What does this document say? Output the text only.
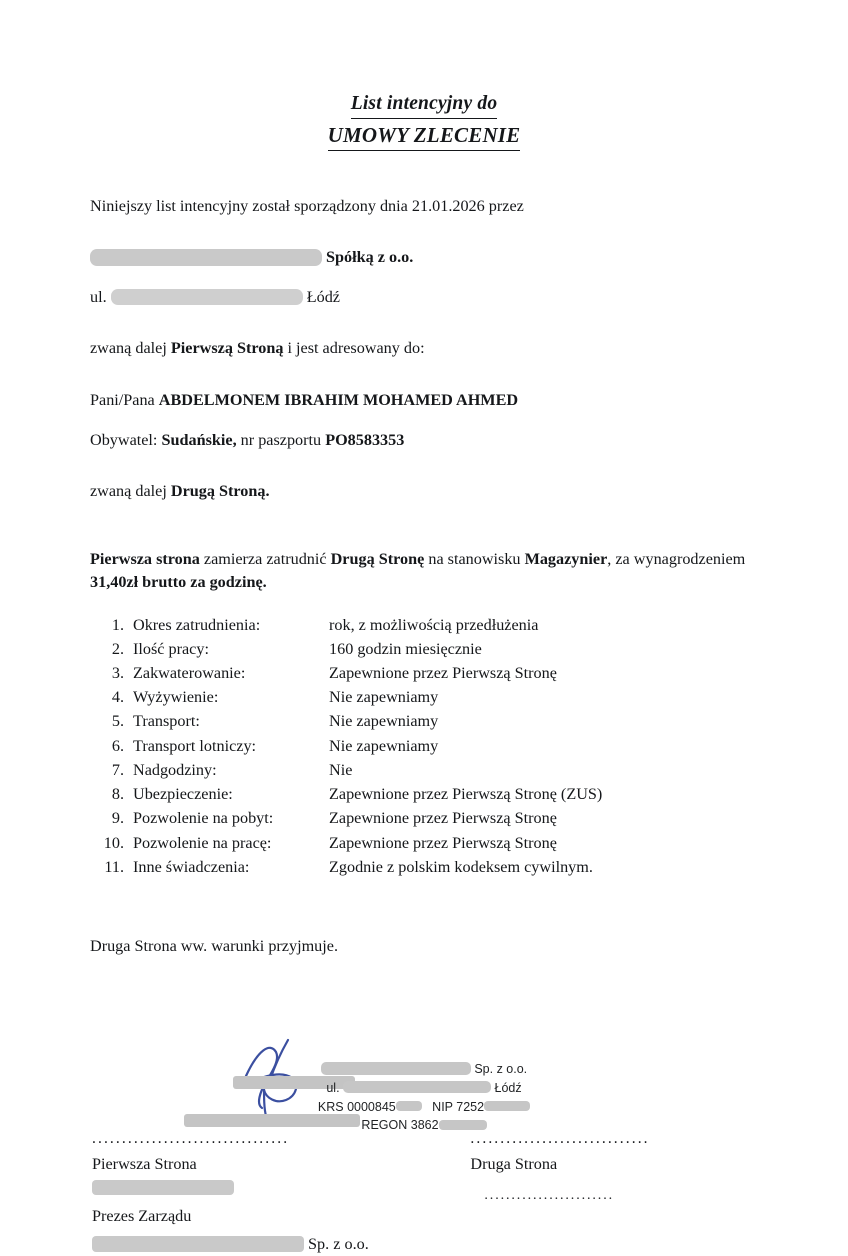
List intencyjny do
UMOWY ZLECENIE

Niniejszy list intencyjny został sporządzony dnia 21.01.2026 przez

Spółką z o.o.

ul.	Łódź

zwaną dalej Pierwszą Stroną i jest adresowany do:

Pani/Pana ABDELMONEM IBRAHIM MOHAMED AHMED

Obywatel: Sudańskie, nr paszportu PO8583353

zwaną dalej Drugą Stroną.

Pierwsza strona zamierza zatrudnić Drugą Stronę na stanowisku Magazynier, za wynagrodzeniem 31,40zł brutto za godzinę.

1. Okres zatrudnienia:	rok, z możliwością przedłużenia
2. Ilość pracy:	160 godzin miesięcznie
3. Zakwaterowanie:	Zapewnione przez Pierwszą Stronę
4. Wyżywienie:	Nie zapewniamy
5. Transport:	Nie zapewniamy
6. Transport lotniczy:	Nie zapewniamy
7. Nadgodziny:	Nie
8. Ubezpieczenie:	Zapewnione przez Pierwszą Stronę (ZUS)
9. Pozwolenie na pobyt:	Zapewnione przez Pierwszą Stronę
10. Pozwolenie na pracę:	Zapewnione przez Pierwszą Stronę
11. Inne świadczenia:	Zgodnie z polskim kodeksem cywilnym.

Druga Strona ww. warunki przyjmuje.

.................................
Pierwsza Strona
Prezes Zarządu
Sp. z o.o.
..............................
Druga Strona
........................
Sp. z o.o.
ul.	Łódź
KRS 0000845	NIP 7252
REGON 3862
